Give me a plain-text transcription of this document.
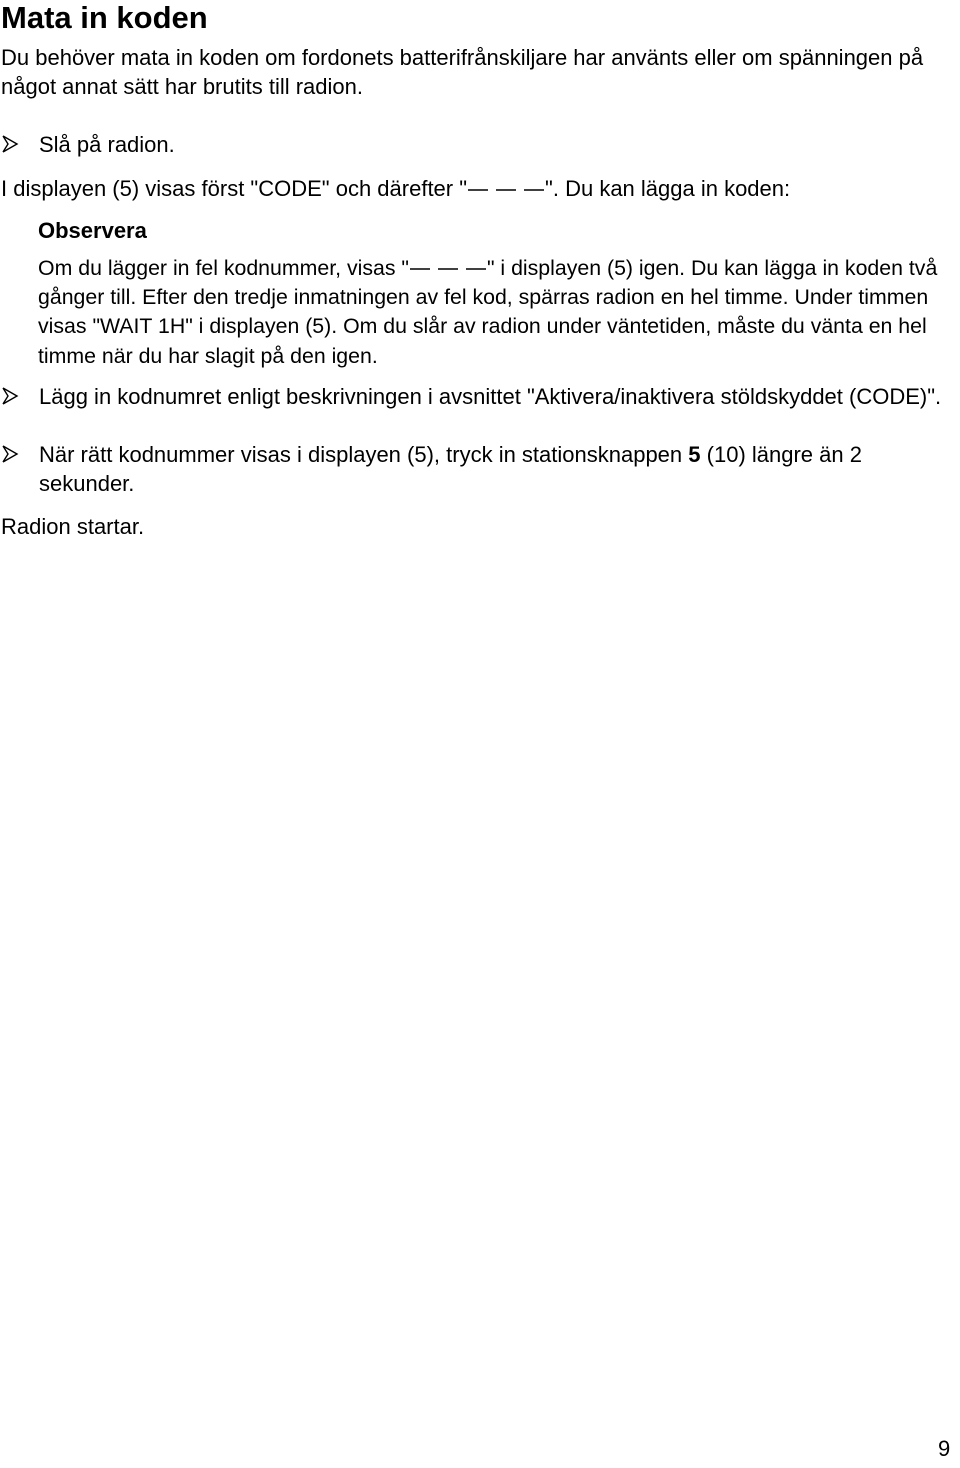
Mata in koden

Du behöver mata in koden om fordonets batterifrånskiljare har använts eller om spänningen på något annat sätt har brutits till radion.

Slå på radion.

I displayen (5) visas först "CODE" och därefter "	". Du kan lägga in koden:

Observera

Om du lägger in fel kodnummer, visas "	" i displayen (5) igen. Du kan lägga in koden två gånger till. Efter den tredje inmatningen av fel kod, spärras radion en hel timme. Under timmen visas "WAIT 1H" i displayen (5). Om du slår av radion under väntetiden, måste du vänta en hel timme när du har slagit på den igen.

Lägg in kodnumret enligt beskrivningen i avsnittet "Aktivera/inaktivera stöldskyddet (CODE)".

När rätt kodnummer visas i displayen (5), tryck in stationsknappen 5 (10) längre än 2 sekunder.

Radion startar.

9
